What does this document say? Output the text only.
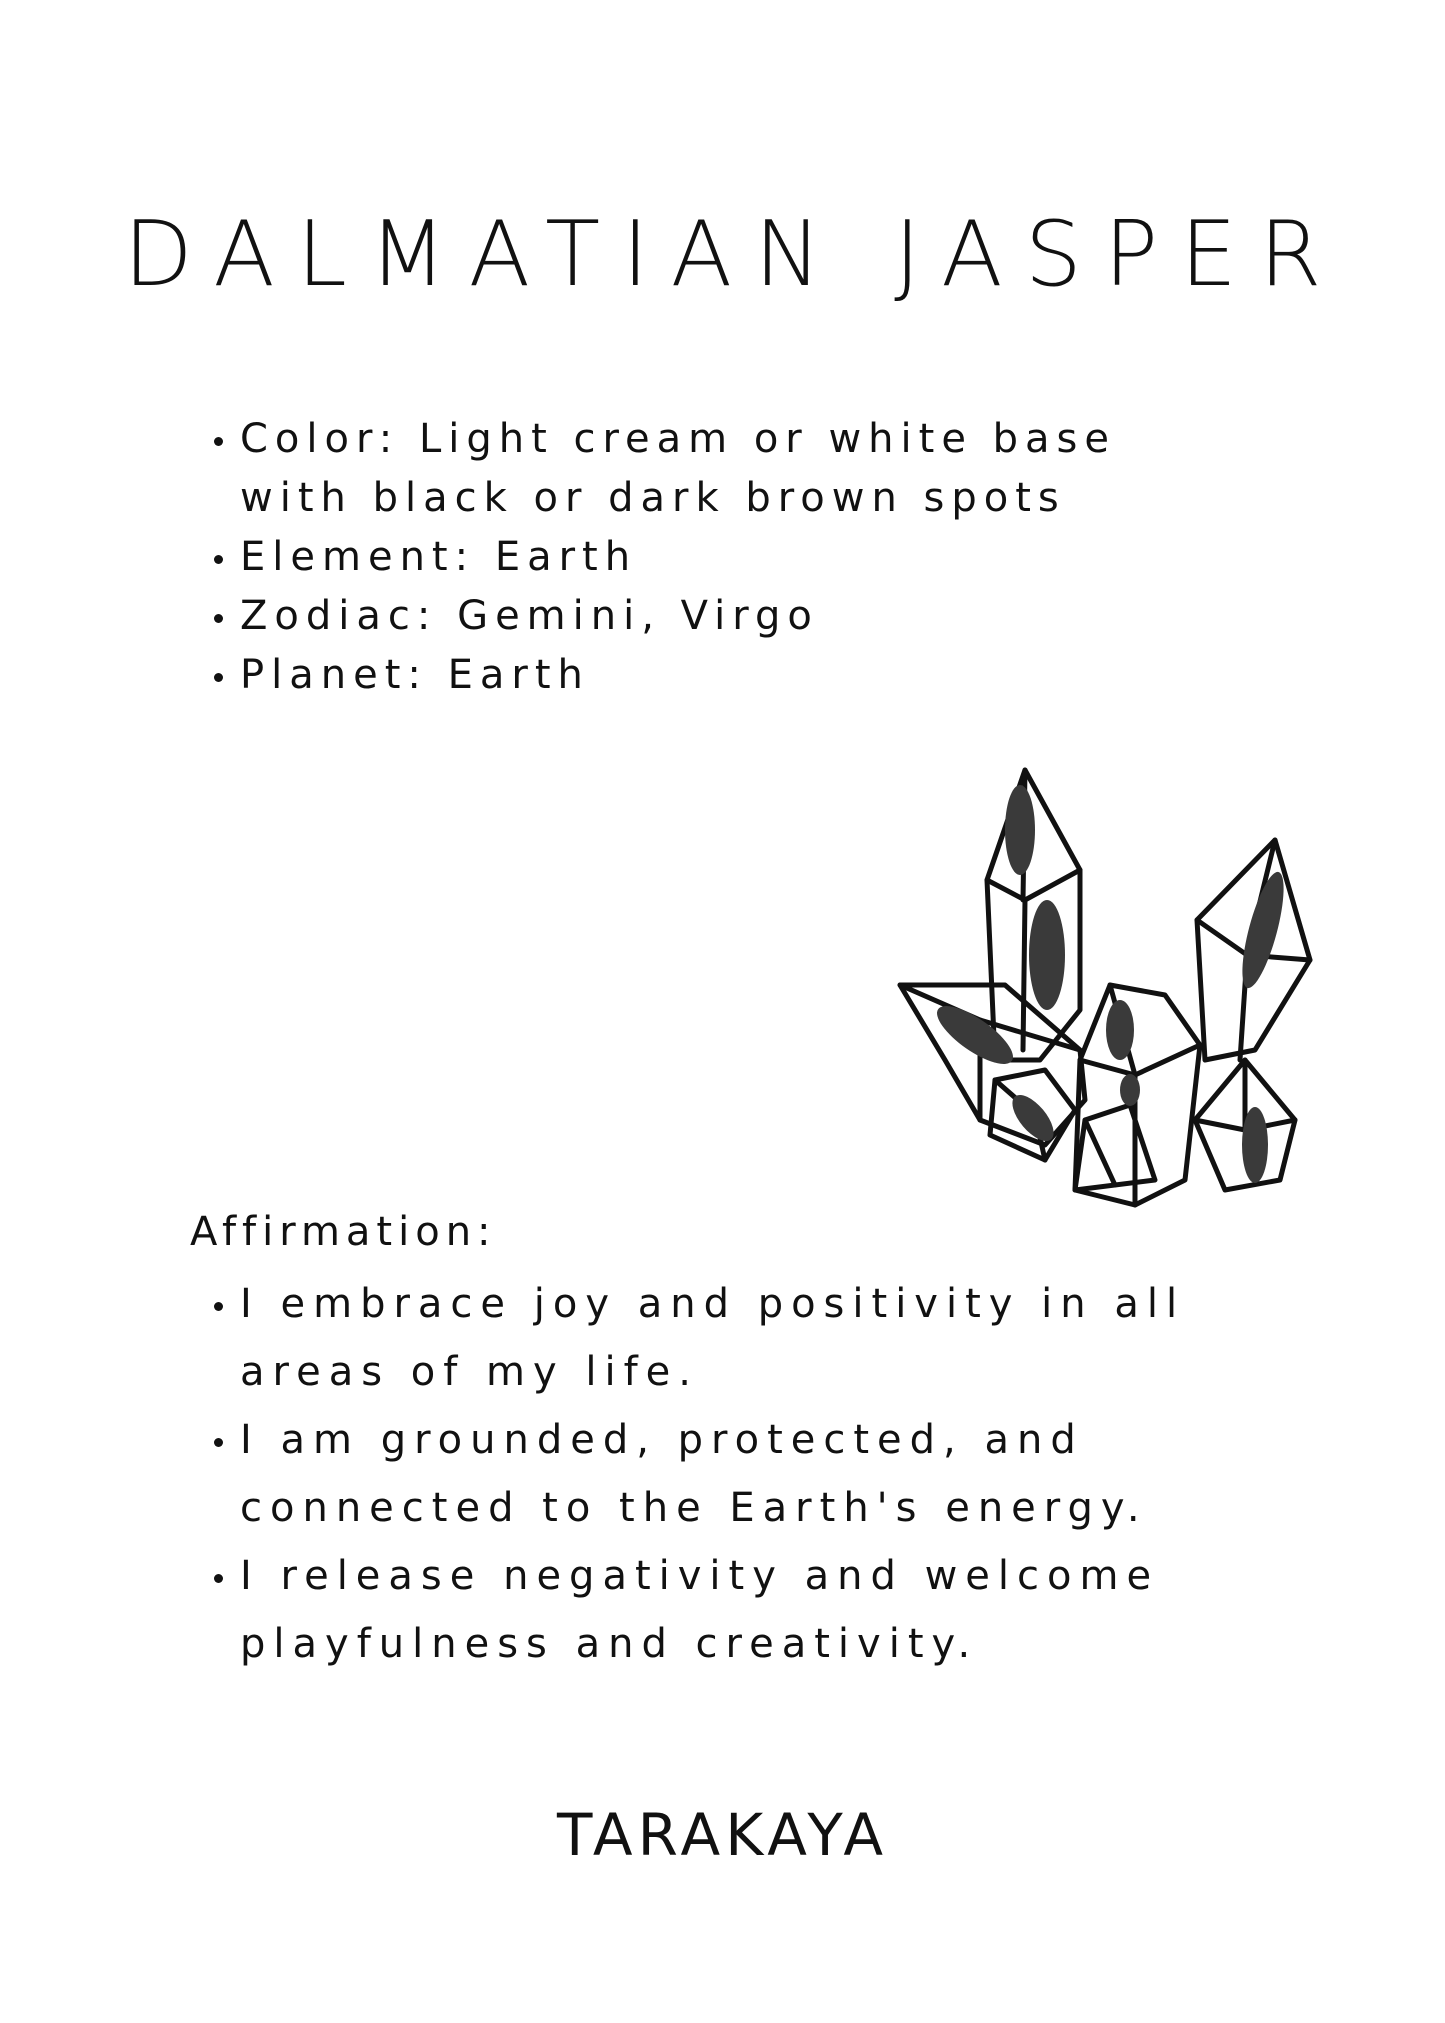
DALMATIAN JASPER
Color: Light cream or white base with black or dark brown spots
Element: Earth
Zodiac: Gemini, Virgo
Planet: Earth

Affirmation:

I embrace joy and positivity in all areas of my life.
I am grounded, protected, and connected to the Earth's energy.
I release negativity and welcome playfulness and creativity.

TARAKAYA
